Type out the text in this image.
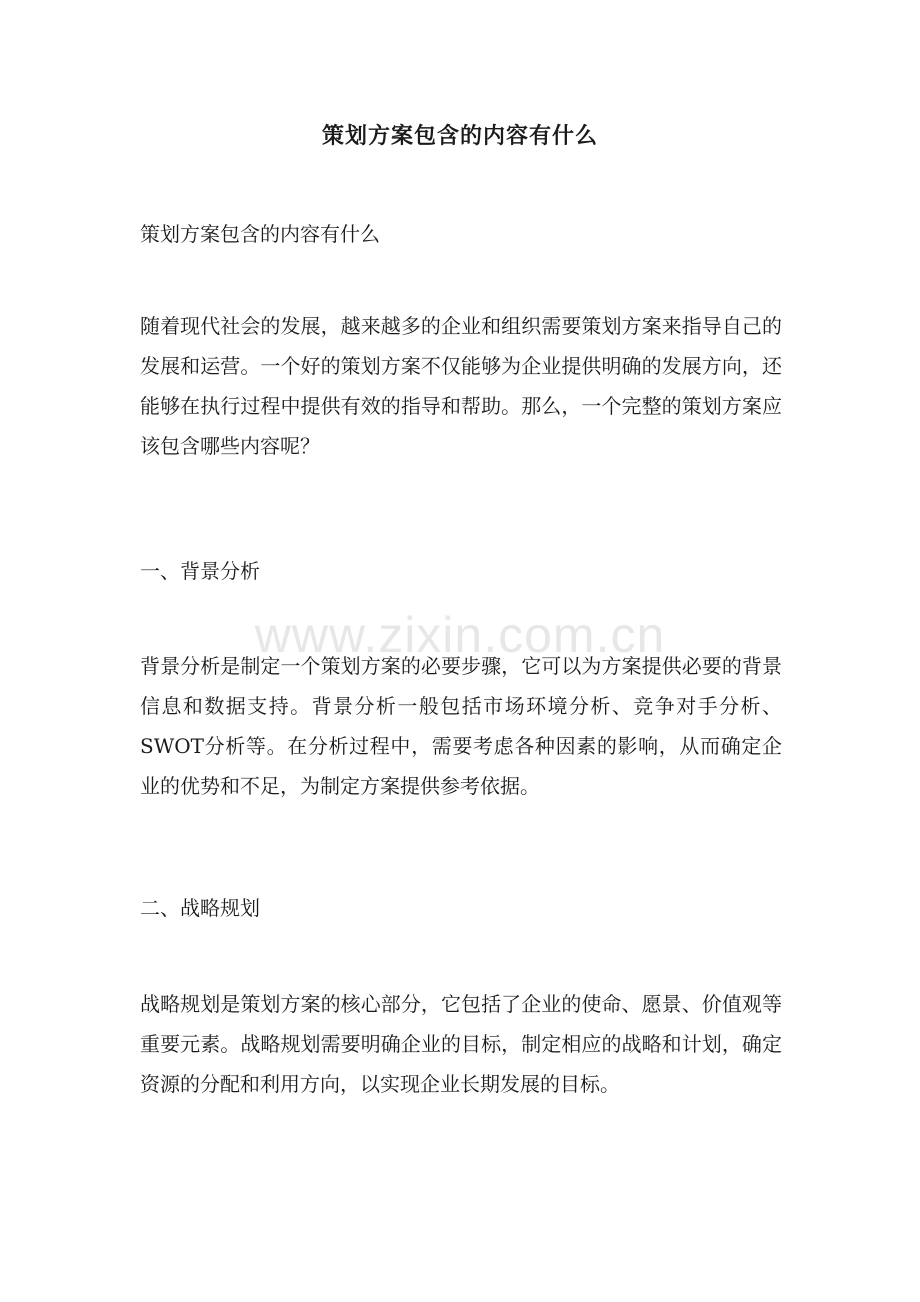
策划方案包含的内容有什么
策划方案包含的内容有什么
随着现代社会的发展，越来越多的企业和组织需要策划方案来指导自己的发展和运营。一个好的策划方案不仅能够为企业提供明确的发展方向，还能够在执行过程中提供有效的指导和帮助。那么，一个完整的策划方案应该包含哪些内容呢？
一、背景分析
www.zixin.com.cn
背景分析是制定一个策划方案的必要步骤，它可以为方案提供必要的背景信息和数据支持。背景分析一般包括市场环境分析、竞争对手分析、SWOT分析等。在分析过程中，需要考虑各种因素的影响，从而确定企业的优势和不足，为制定方案提供参考依据。
二、战略规划
战略规划是策划方案的核心部分，它包括了企业的使命、愿景、价值观等重要元素。战略规划需要明确企业的目标，制定相应的战略和计划，确定资源的分配和利用方向，以实现企业长期发展的目标。
